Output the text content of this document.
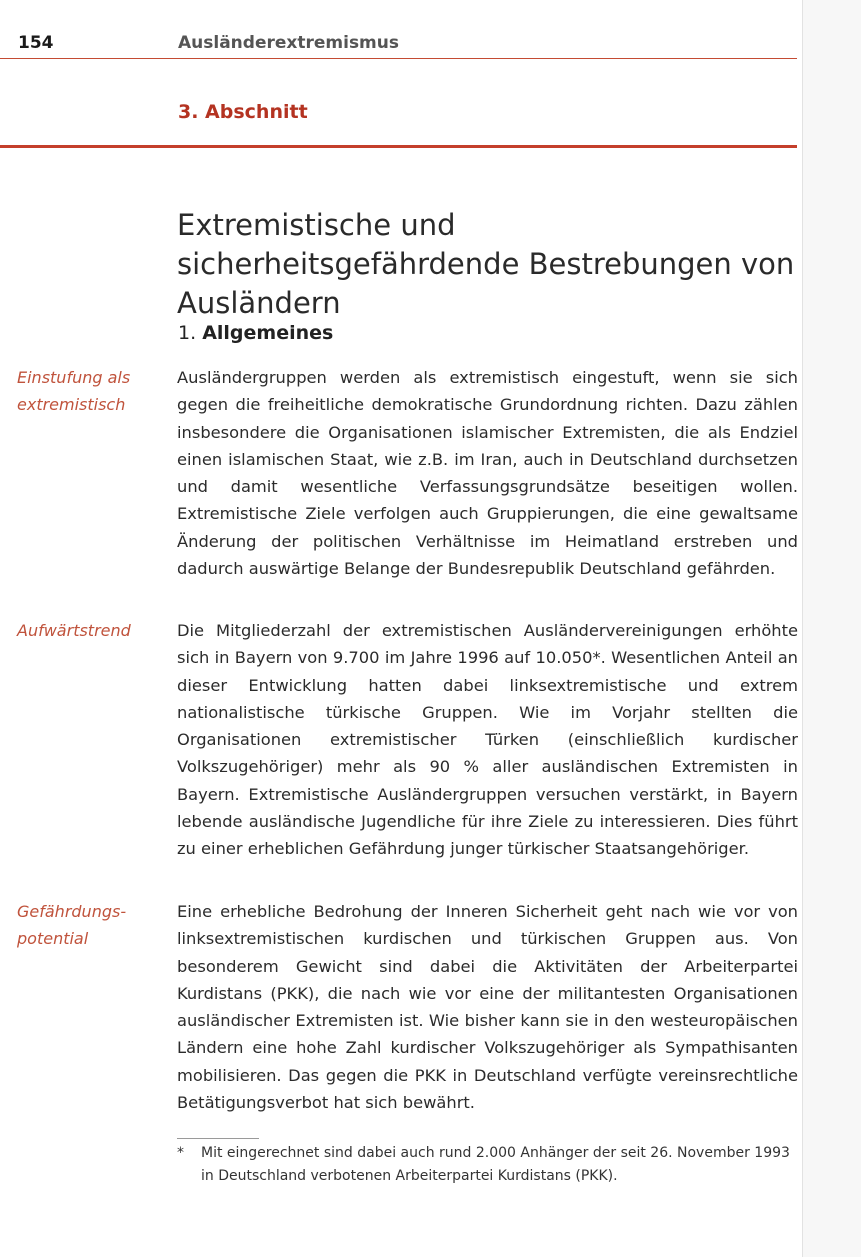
154	Ausländerextremismus
3. Abschnitt
Extremistische und sicherheitsgefährdende Bestrebungen von Ausländern
1. Allgemeines
Einstufung als extremistisch

Ausländergruppen werden als extremistisch eingestuft, wenn sie sich gegen die freiheitliche demokratische Grundordnung richten. Dazu zählen insbesondere die Organisationen islamischer Extremisten, die als Endziel einen islamischen Staat, wie z.B. im Iran, auch in Deutschland durchsetzen und damit wesentliche Verfassungsgrundsätze beseitigen wollen. Extremistische Ziele verfolgen auch Gruppierungen, die eine gewaltsame Änderung der politischen Verhältnisse im Heimatland erstreben und dadurch auswärtige Belange der Bundesrepublik Deutschland gefährden.

Aufwärtstrend	Die Mitgliederzahl der extremistischen Ausländervereinigungen erhöhte sich in Bayern von 9.700 im Jahre 1996 auf 10.050*. Wesentlichen Anteil an dieser Entwicklung hatten dabei linksextremistische und extrem nationalistische türkische Gruppen. Wie im Vorjahr stellten die Organisationen extremistischer Türken (einschließlich kurdischer Volkszugehöriger) mehr als 90 % aller ausländischen Extremisten in Bayern. Extremistische Ausländergruppen versuchen verstärkt, in Bayern lebende ausländische Jugendliche für ihre Ziele zu interessieren. Dies führt zu einer erheblichen Gefährdung junger türkischer Staatsangehöriger.

Gefährdungs-potential

Eine erhebliche Bedrohung der Inneren Sicherheit geht nach wie vor von linksextremistischen kurdischen und türkischen Gruppen aus. Von besonderem Gewicht sind dabei die Aktivitäten der Arbeiterpartei Kurdistans (PKK), die nach wie vor eine der militantesten Organisationen ausländischer Extremisten ist. Wie bisher kann sie in den westeuropäischen Ländern eine hohe Zahl kurdischer Volkszugehöriger als Sympathisanten mobilisieren. Das gegen die PKK in Deutschland verfügte vereinsrechtliche Betätigungsverbot hat sich bewährt.

* Mit eingerechnet sind dabei auch rund 2.000 Anhänger der seit 26. November 1993 in Deutschland verbotenen Arbeiterpartei Kurdistans (PKK).
